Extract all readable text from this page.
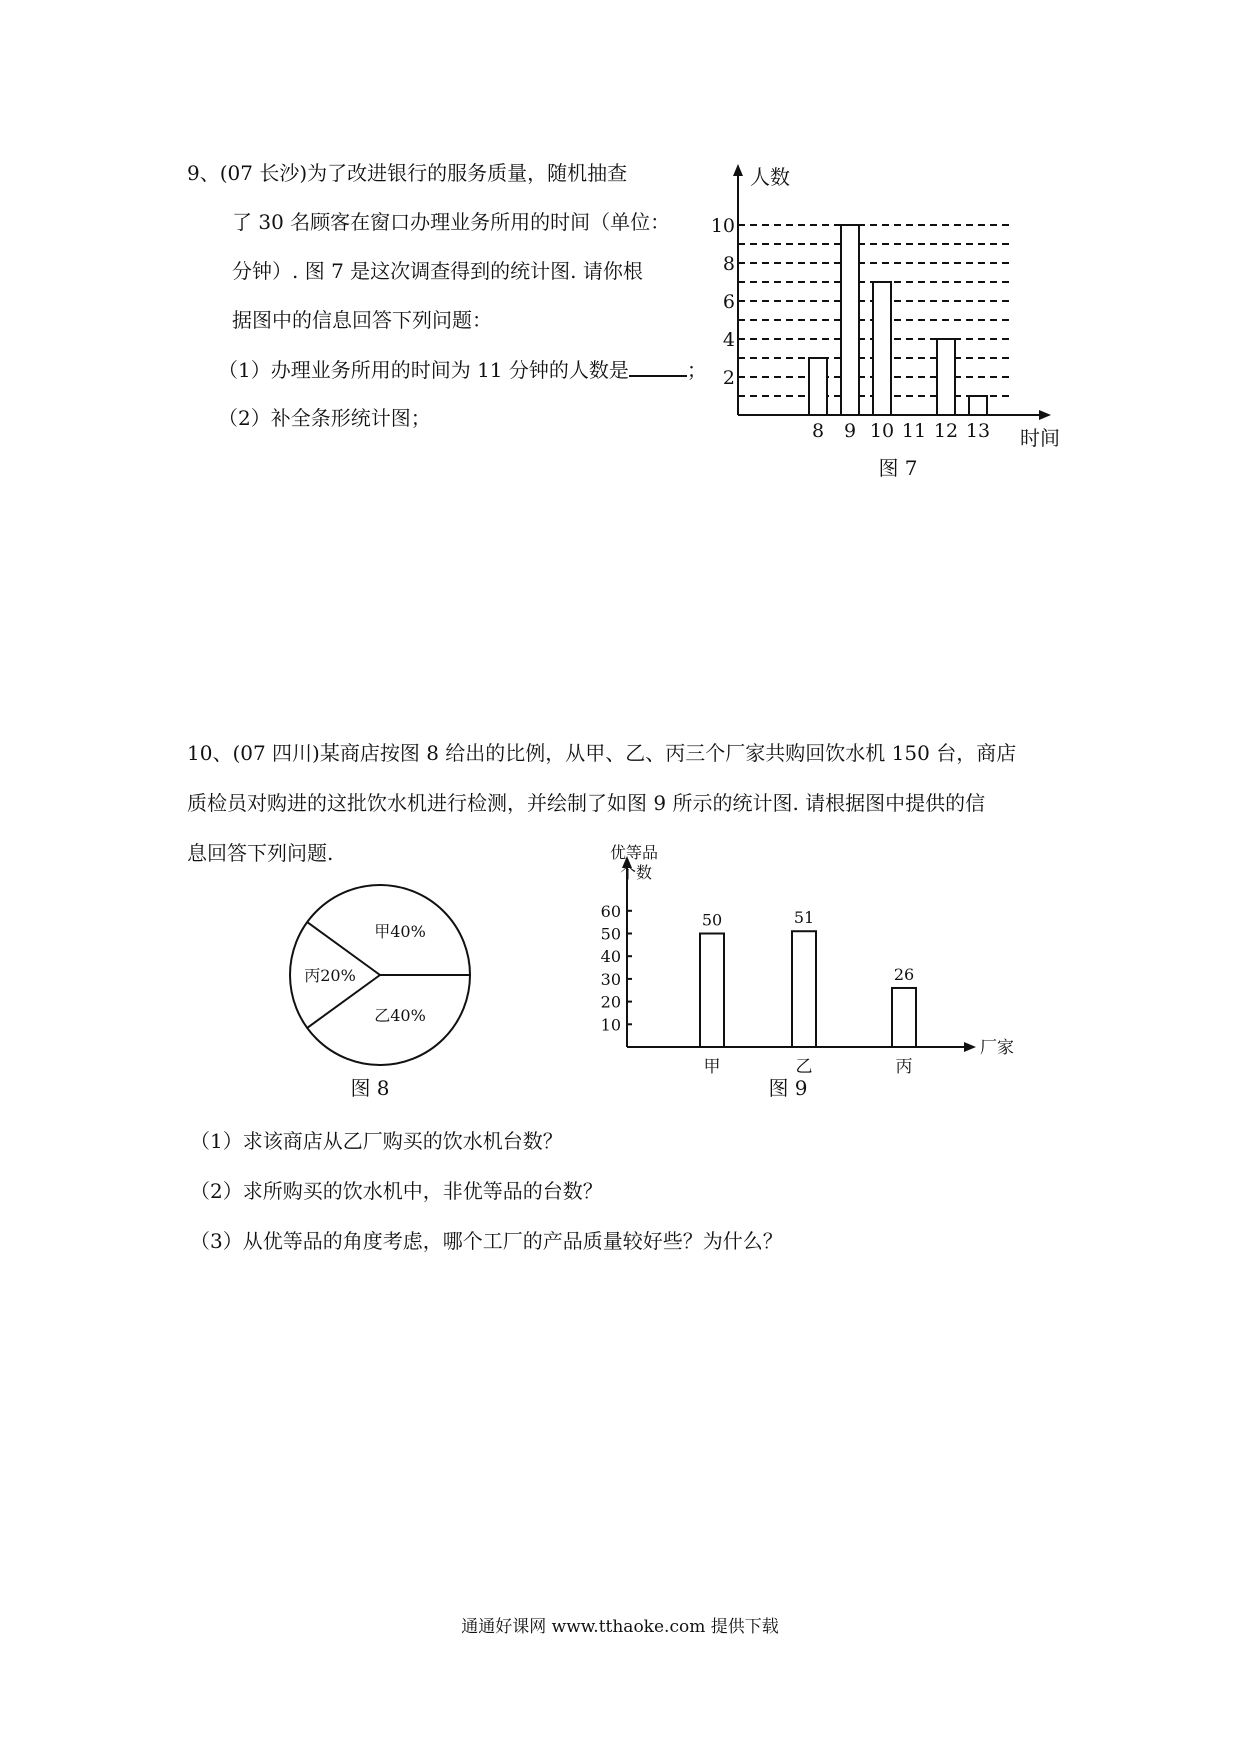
9、(07 长沙)为了改进银行的服务质量，随机抽查
了 30 名顾客在窗口办理业务所用的时间（单位：
分钟）. 图 7 是这次调查得到的统计图. 请你根
据图中的信息回答下列问题：
（1）办理业务所用的时间为 11 分钟的人数是	；
（2）补全条形统计图；
8 9 10 11 12 13
2
4
6
8
10
人数
时间
图 7
10、(07 四川)某商店按图 8 给出的比例，从甲、乙、丙三个厂家共购回饮水机 150 台，商店
质检员对购进的这批饮水机进行检测，并绘制了如图 9 所示的统计图. 请根据图中提供的信
息回答下列问题.
甲40%
丙20%
乙40%
图 8
50
甲
51
乙
26
丙
10
20
30
40
50
60
优等品
个数
厂家
图 9
（1）求该商店从乙厂购买的饮水机台数？
（2）求所购买的饮水机中，非优等品的台数？
（3）从优等品的角度考虑，哪个工厂的产品质量较好些？为什么？
通通好课网 www.tthaoke.com 提供下载
